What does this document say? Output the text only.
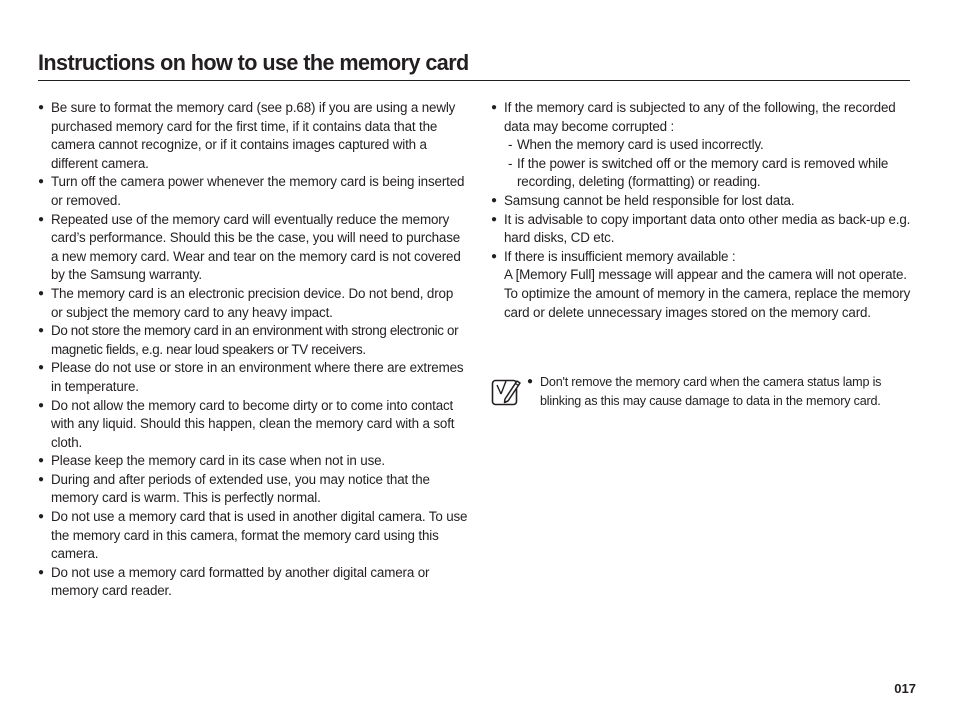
Instructions on how to use the memory card
● Be sure to format the memory card (see p.68) if you are using a newly purchased memory card for the first time, if it contains data that the camera cannot recognize, or if it contains images captured with a different camera.
● Turn off the camera power whenever the memory card is being inserted or removed.
● Repeated use of the memory card will eventually reduce the memory card’s performance. Should this be the case, you will need to purchase a new memory card. Wear and tear on the memory card is not covered by the Samsung warranty.
● The memory card is an electronic precision device. Do not bend, drop or subject the memory card to any heavy impact.
● Do not store the memory card in an environment with strong electronic or magnetic fields, e.g. near loud speakers or TV receivers.
● Please do not use or store in an environment where there are extremes in temperature.
● Do not allow the memory card to become dirty or to come into contact with any liquid. Should this happen, clean the memory card with a soft cloth.
● Please keep the memory card in its case when not in use.
● During and after periods of extended use, you may notice that the memory card is warm. This is perfectly normal.
● Do not use a memory card that is used in another digital camera. To use the memory card in this camera, format the memory card using this camera.
● Do not use a memory card formatted by another digital camera or memory card reader.
● If the memory card is subjected to any of the following, the recorded data may become corrupted :
- When the memory card is used incorrectly.
- If the power is switched off or the memory card is removed while recording, deleting (formatting) or reading.
● Samsung cannot be held responsible for lost data.
● It is advisable to copy important data onto other media as back-up e.g. hard disks, CD etc.
● If there is insufficient memory available :
A [Memory Full] message will appear and the camera will not operate. To optimize the amount of memory in the camera, replace the memory card or delete unnecessary images stored on the memory card.
● Don't remove the memory card when the camera status lamp is blinking as this may cause damage to data in the memory card.
017
